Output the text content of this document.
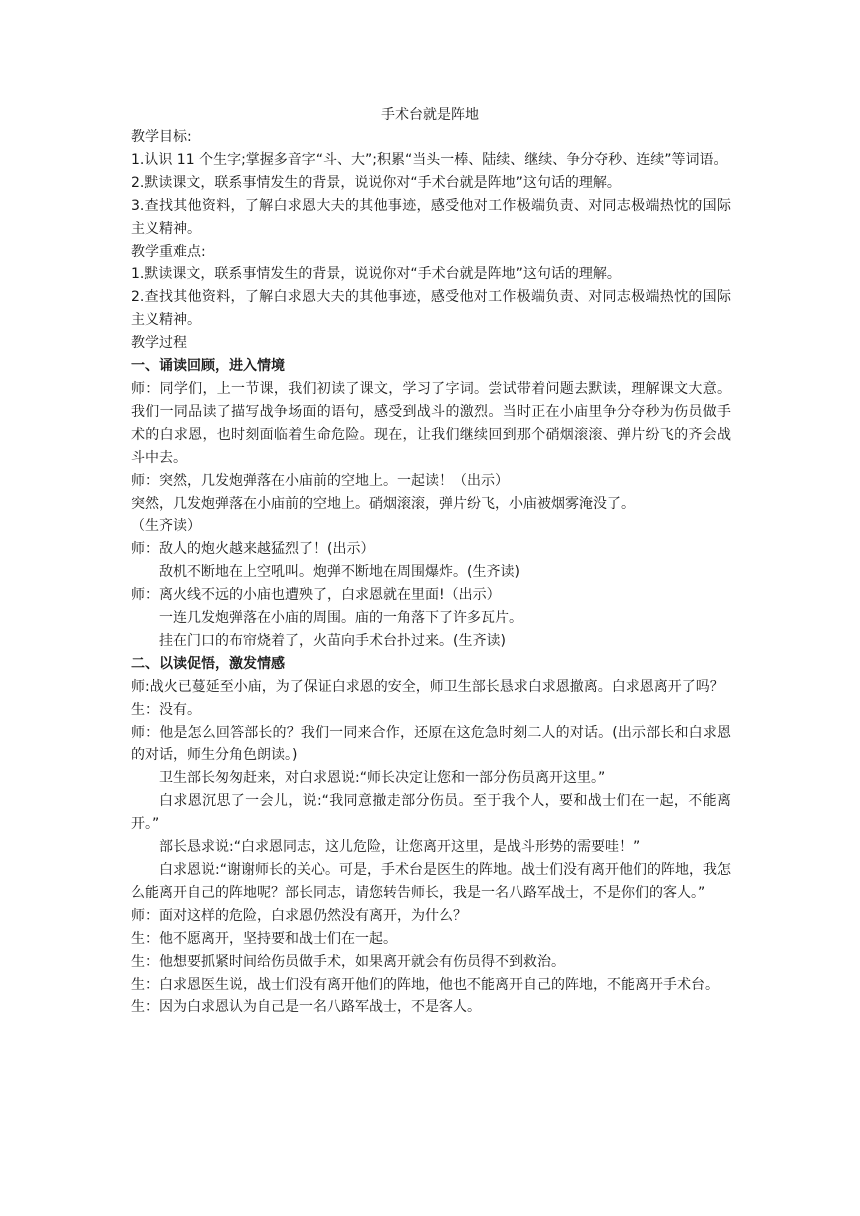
手术台就是阵地

教学目标:

1.认识 11 个生字;掌握多音字“斗、大”;积累“当头一棒、陆续、继续、争分夺秒、连续”等词语。

2.默读课文，联系事情发生的背景，说说你对“手术台就是阵地”这句话的理解。

3.查找其他资料，了解白求恩大夫的其他事迹，感受他对工作极端负责、对同志极端热忱的国际主义精神。

教学重难点:

1.默读课文，联系事情发生的背景，说说你对“手术台就是阵地”这句话的理解。

2.查找其他资料，了解白求恩大夫的其他事迹，感受他对工作极端负责、对同志极端热忱的国际主义精神。

教学过程

一、诵读回顾，进入情境

师：同学们，上一节课，我们初读了课文，学习了字词。尝试带着问题去默读，理解课文大意。我们一同品读了描写战争场面的语句，感受到战斗的激烈。当时正在小庙里争分夺秒为伤员做手术的白求恩，也时刻面临着生命危险。现在，让我们继续回到那个硝烟滚滚、弹片纷飞的齐会战斗中去。

师：突然，几发炮弹落在小庙前的空地上。一起读！（出示）

突然，几发炮弹落在小庙前的空地上。硝烟滚滚，弹片纷飞，小庙被烟雾淹没了。

（生齐读）

师：敌人的炮火越来越猛烈了！(出示）

敌机不断地在上空吼叫。炮弹不断地在周围爆炸。(生齐读)

师：离火线不远的小庙也遭殃了，白求恩就在里面!（出示）

一连几发炮弹落在小庙的周围。庙的一角落下了许多瓦片。

挂在门口的布帘烧着了，火苗向手术台扑过来。(生齐读)

二、以读促悟，激发情感

师:战火已蔓延至小庙，为了保证白求恩的安全，师卫生部长恳求白求恩撤离。白求恩离开了吗？

生：没有。

师：他是怎么回答部长的？我们一同来合作，还原在这危急时刻二人的对话。(出示部长和白求恩的对话，师生分角色朗读。)

卫生部长匆匆赶来，对白求恩说:“师长决定让您和一部分伤员离开这里。”

白求恩沉思了一会儿，说:“我同意撤走部分伤员。至于我个人，要和战士们在一起，不能离开。”

部长恳求说:“白求恩同志，这儿危险，让您离开这里，是战斗形势的需要哇！”

白求恩说:“谢谢师长的关心。可是，手术台是医生的阵地。战士们没有离开他们的阵地，我怎么能离开自己的阵地呢？部长同志，请您转告师长，我是一名八路军战士，不是你们的客人。”

师：面对这样的危险，白求恩仍然没有离开，为什么？

生：他不愿离开，坚持要和战士们在一起。

生：他想要抓紧时间给伤员做手术，如果离开就会有伤员得不到救治。

生：白求恩医生说，战士们没有离开他们的阵地，他也不能离开自己的阵地，不能离开手术台。

生：因为白求恩认为自己是一名八路军战士，不是客人。
